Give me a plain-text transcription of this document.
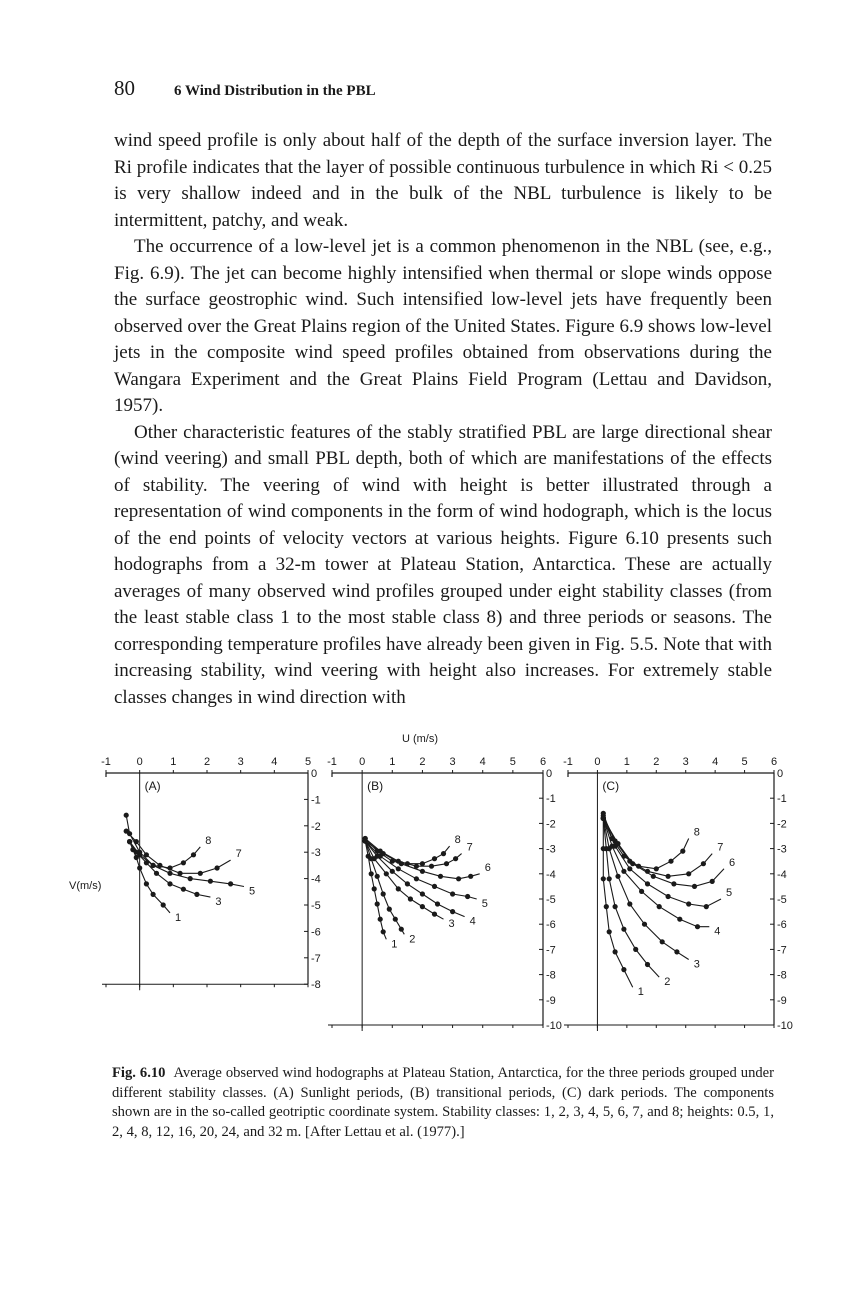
80	6 Wind Distribution in the PBL

wind speed profile is only about half of the depth of the surface inversion layer. The Ri profile indicates that the layer of possible continuous turbulence in which Ri < 0.25 is very shallow indeed and in the bulk of the NBL turbulence is likely to be intermittent, patchy, and weak.

The occurrence of a low-level jet is a common phenomenon in the NBL (see, e.g., Fig. 6.9). The jet can become highly intensified when thermal or slope winds oppose the surface geostrophic wind. Such intensified low-level jets have frequently been observed over the Great Plains region of the United States. Figure 6.9 shows low-level jets in the composite wind speed profiles obtained from observations during the Wangara Experiment and the Great Plains Field Program (Lettau and Davidson, 1957).

Other characteristic features of the stably stratified PBL are large directional shear (wind veering) and small PBL depth, both of which are manifestations of the effects of stability. The veering of wind with height is better illustrated through a representation of wind components in the form of wind hodograph, which is the locus of the end points of velocity vectors at various heights. Figure 6.10 presents such hodographs from a 32-m tower at Plateau Station, Antarctica. These are actually averages of many observed wind profiles grouped under eight stability classes (from the least stable class 1 to the most stable class 8) and three periods or seasons. The corresponding temperature profiles have already been given in Fig. 5.5. Note that with increasing stability, wind veering with height also increases. For extremely stable classes changes in wind direction with

U (m/s)
V(m/s)
-1 0	1	2	3	4	5
0
-1
-2
-3
-4
-5
-6
-7
-8
(A)
1
3
5
7
8
-1 0 1 2 3 4 5 6
0
-1
-2
-3
-4
-5
-6
-7
-8
-9
-10
(B)
1 2
3 4
5
6
7
8
-1 0 1 2 3 4 5 6
0
-1
-2
-3
-4
-5
-6
-7
-8
-9
-10
(C)
1
2
3
4
5
6
7
8
Fig. 6.10 Average observed wind hodographs at Plateau Station, Antarctica, for the three periods grouped under different stability classes. (A) Sunlight periods, (B) transitional periods, (C) dark periods. The components shown are in the so-called geotriptic coordinate system. Stability classes: 1, 2, 3, 4, 5, 6, 7, and 8; heights: 0.5, 1, 2, 4, 8, 12, 16, 20, 24, and 32 m. [After Lettau et al. (1977).]
